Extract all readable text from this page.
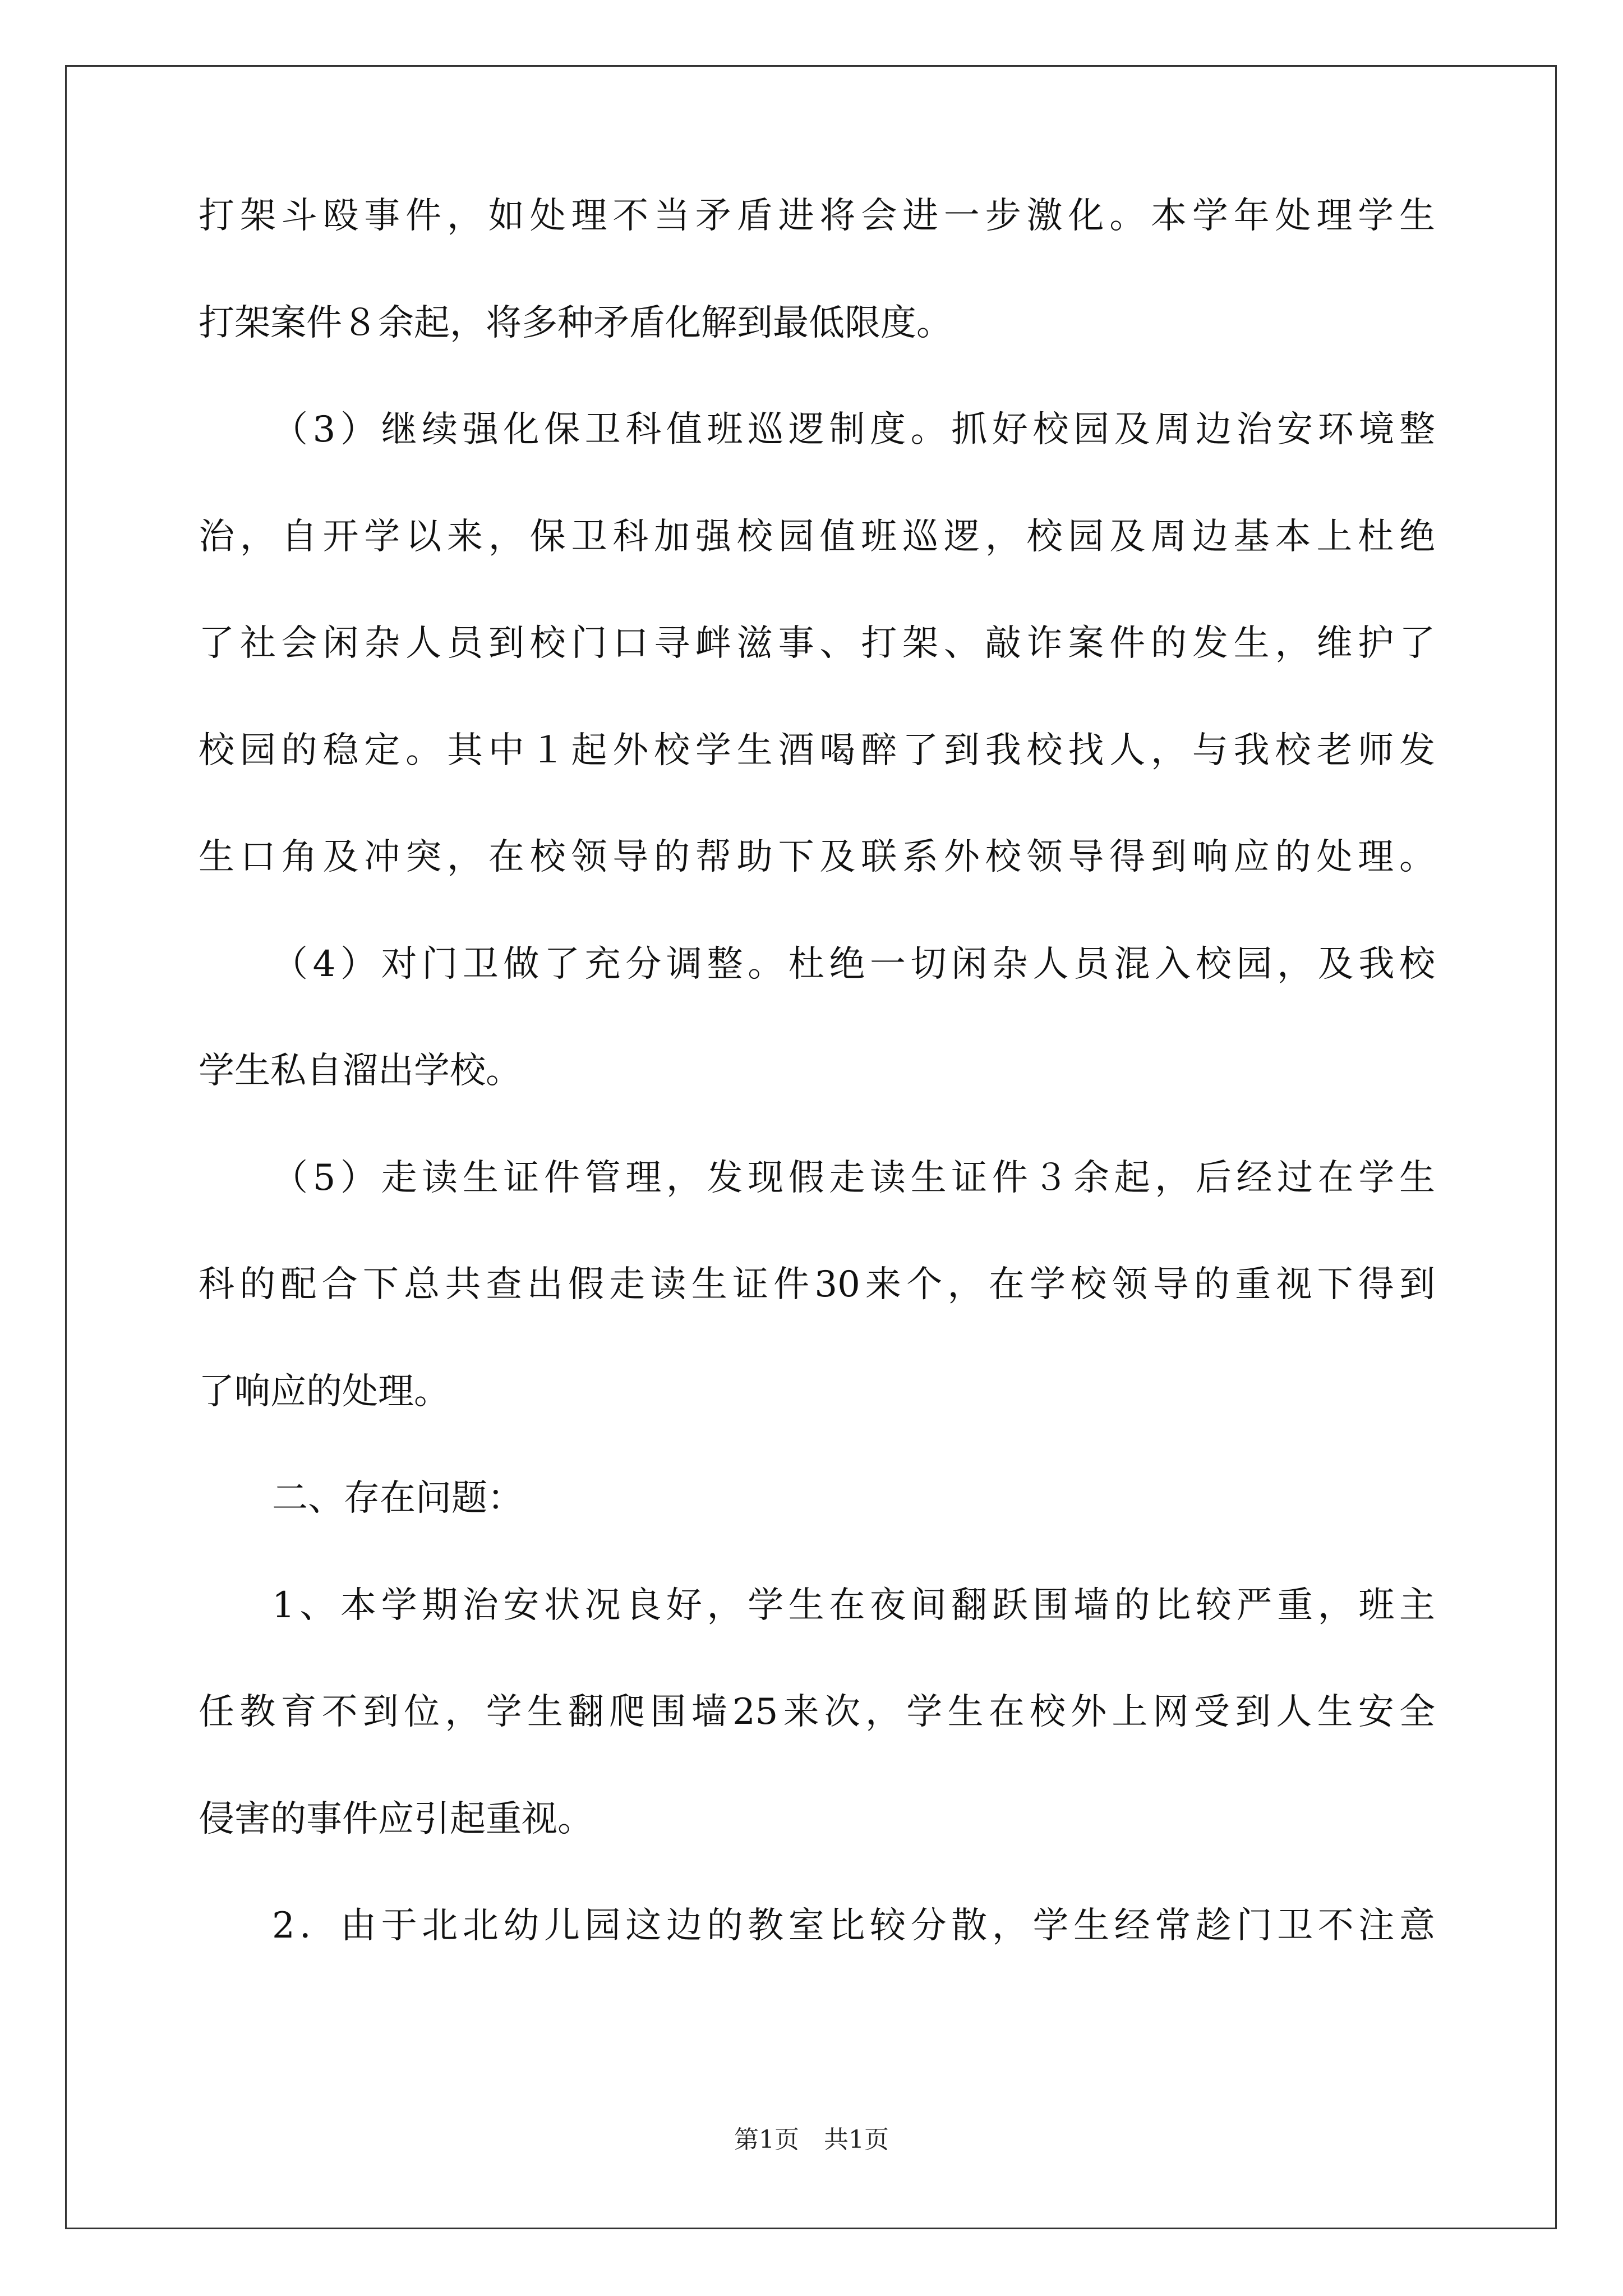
打架斗殴事件，如处理不当矛盾进将会进一步激化。本学年处理学生
打架案件８余起，将多种矛盾化解到最低限度。
（3）继续强化保卫科值班巡逻制度。抓好校园及周边治安环境整
治，自开学以来，保卫科加强校园值班巡逻，校园及周边基本上杜绝
了社会闲杂人员到校门口寻衅滋事、打架、敲诈案件的发生，维护了
校园的稳定。其中１起外校学生酒喝醉了到我校找人，与我校老师发
生口角及冲突，在校领导的帮助下及联系外校领导得到响应的处理。
（4）对门卫做了充分调整。杜绝一切闲杂人员混入校园，及我校
学生私自溜出学校。
（5）走读生证件管理，发现假走读生证件３余起，后经过在学生
科的配合下总共查出假走读生证件30来个，在学校领导的重视下得到
了响应的处理。
二、存在问题：
1、本学期治安状况良好，学生在夜间翻跃围墙的比较严重，班主
任教育不到位，学生翻爬围墙25来次，学生在校外上网受到人生安全
侵害的事件应引起重视。
2．由于北北幼儿园这边的教室比较分散，学生经常趁门卫不注意
第1页　共1页
